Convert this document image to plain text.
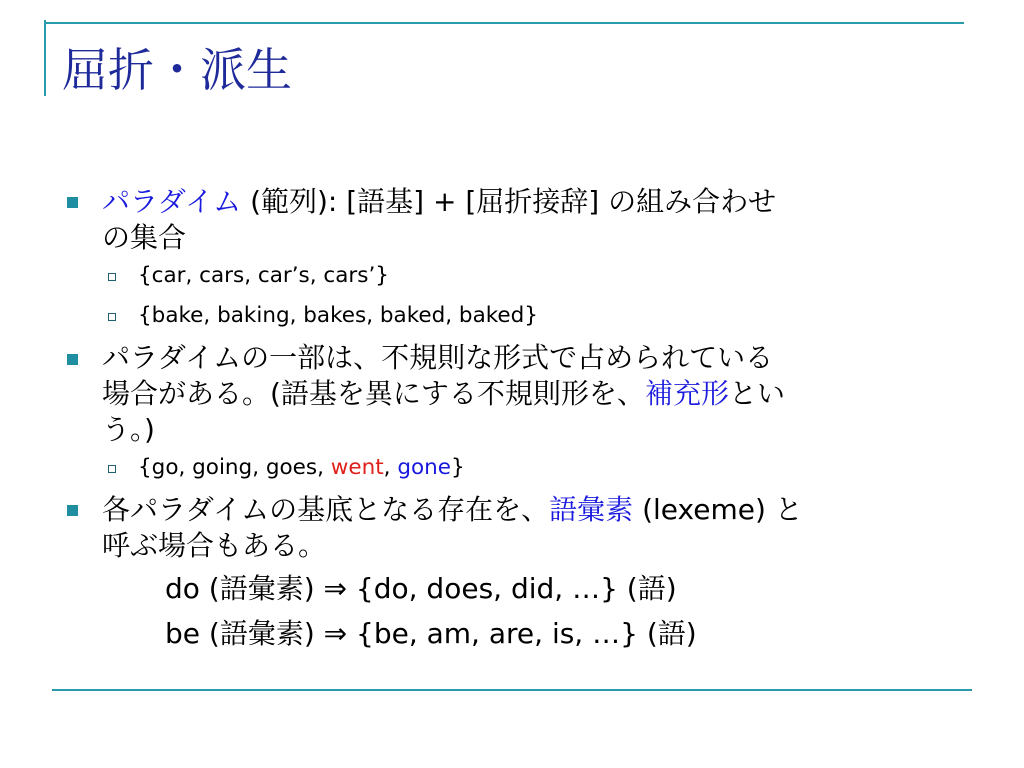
屈折・派生
パラダイム (範列): [語基] + [屈折接辞] の組み合わせ
の集合
{car, cars, car’s, cars’}
{bake, baking, bakes, baked, baked}
パラダイムの一部は、不規則な形式で占められている
場合がある。(語基を異にする不規則形を、補充形とい
う。)
{go, going, goes, went, gone}
各パラダイムの基底となる存在を、語彙素 (lexeme) と
呼ぶ場合もある。
do (語彙素) ⇒ {do, does, did, …} (語)
be (語彙素) ⇒ {be, am, are, is, …} (語)
